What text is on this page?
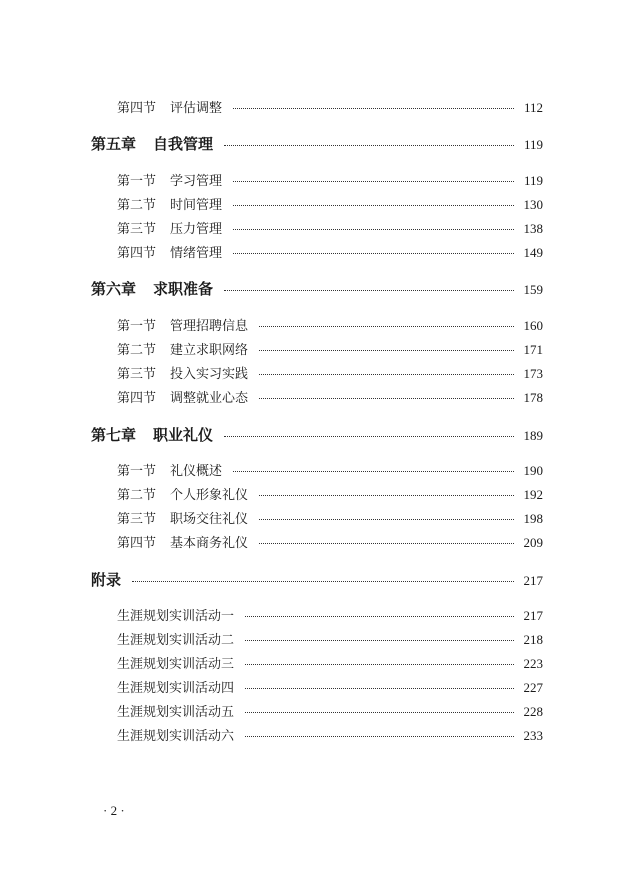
第四节	评估调整	112
第五章	自我管理	119
第一节	学习管理	119
第二节	时间管理	130
第三节	压力管理	138
第四节	情绪管理	149
第六章	求职准备	159
第一节	管理招聘信息	160
第二节	建立求职网络	171
第三节	投入实习实践	173
第四节	调整就业心态	178
第七章	职业礼仪	189
第一节	礼仪概述	190
第二节	个人形象礼仪	192
第三节	职场交往礼仪	198
第四节	基本商务礼仪	209
附录	217
生涯规划实训活动一	217
生涯规划实训活动二	218
生涯规划实训活动三	223
生涯规划实训活动四	227
生涯规划实训活动五	228
生涯规划实训活动六	233
· 2 ·
